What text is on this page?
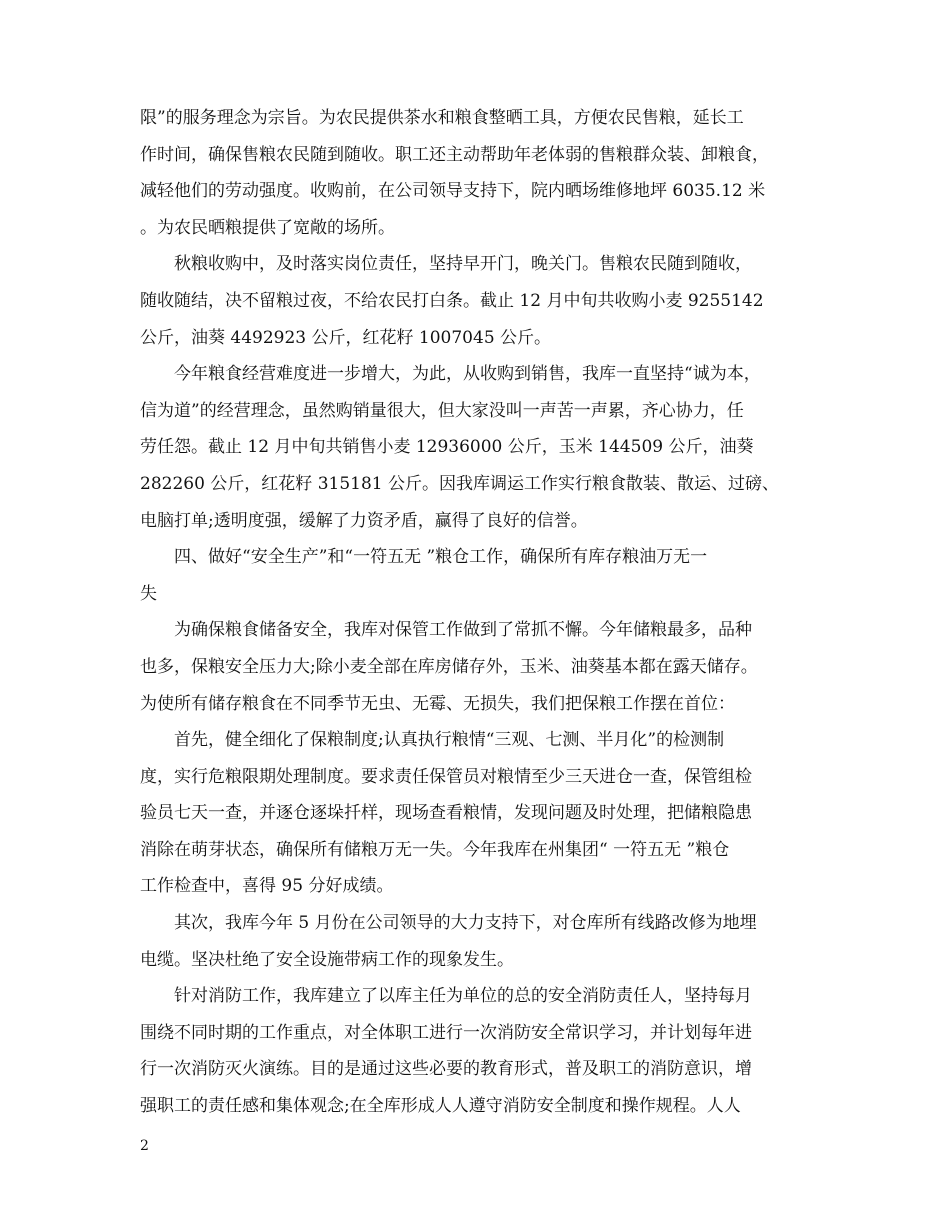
限”的服务理念为宗旨。为农民提供茶水和粮食整晒工具，方便农民售粮，延长工
作时间，确保售粮农民随到随收。职工还主动帮助年老体弱的售粮群众装、卸粮食，
减轻他们的劳动强度。收购前，在公司领导支持下，院内晒场维修地坪 6035.12 米
。为农民晒粮提供了宽敞的场所。

秋粮收购中，及时落实岗位责任，坚持早开门，晚关门。售粮农民随到随收，
随收随结，决不留粮过夜，不给农民打白条。截止 12 月中旬共收购小麦 9255142
公斤，油葵 4492923 公斤，红花籽 1007045 公斤。

今年粮食经营难度进一步增大，为此，从收购到销售，我库一直坚持“诚为本，
信为道”的经营理念，虽然购销量很大，但大家没叫一声苦一声累，齐心协力，任
劳任怨。截止 12 月中旬共销售小麦 12936000 公斤，玉米 144509 公斤，油葵
282260 公斤，红花籽 315181 公斤。因我库调运工作实行粮食散装、散运、过磅、
电脑打单;透明度强，缓解了力资矛盾，赢得了良好的信誉。

四、做好“安全生产”和“一符五无 ”粮仓工作，确保所有库存粮油万无一
失

为确保粮食储备安全，我库对保管工作做到了常抓不懈。今年储粮最多，品种
也多，保粮安全压力大;除小麦全部在库房储存外，玉米、油葵基本都在露天储存。
为使所有储存粮食在不同季节无虫、无霉、无损失，我们把保粮工作摆在首位：

首先，健全细化了保粮制度;认真执行粮情“三观、七测、半月化”的检测制
度，实行危粮限期处理制度。要求责任保管员对粮情至少三天进仓一查，保管组检
验员七天一查，并逐仓逐垛扦样，现场查看粮情，发现问题及时处理，把储粮隐患
消除在萌芽状态，确保所有储粮万无一失。今年我库在州集团“ 一符五无 ”粮仓
工作检查中，喜得 95 分好成绩。

其次，我库今年 5 月份在公司领导的大力支持下，对仓库所有线路改修为地埋
电缆。坚决杜绝了安全设施带病工作的现象发生。

针对消防工作，我库建立了以库主任为单位的总的安全消防责任人，坚持每月
围绕不同时期的工作重点，对全体职工进行一次消防安全常识学习，并计划每年进
行一次消防灭火演练。目的是通过这些必要的教育形式，普及职工的消防意识，增
强职工的责任感和集体观念;在全库形成人人遵守消防安全制度和操作规程。人人

2
